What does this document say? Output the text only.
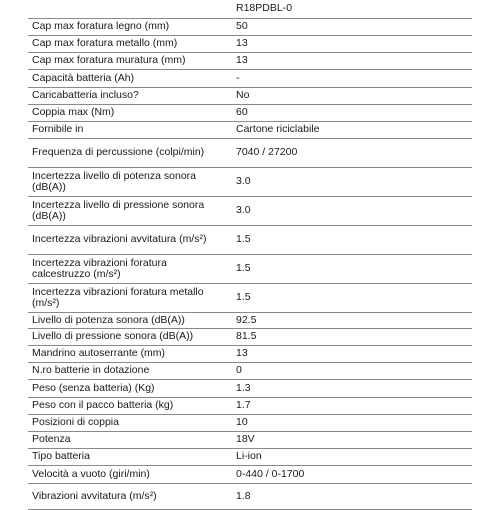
	R18PDBL-0
Cap max foratura legno (mm)	50
Cap max foratura metallo (mm)	13
Cap max foratura muratura (mm)	13
Capacità batteria (Ah)	-
Caricabatteria incluso?	No
Coppia max (Nm)	60
Fornibile in	Cartone riciclabile
Frequenza di percussione (colpi/min)	7040 / 27200
Incertezza livello di potenza sonora (dB(A))	3.0
Incertezza livello di pressione sonora (dB(A))	3.0
Incertezza vibrazioni avvitatura (m/s²)	1.5
Incertezza vibrazioni foratura calcestruzzo (m/s²)	1.5
Incertezza vibrazioni foratura metallo (m/s²)	1.5
Livello di potenza sonora (dB(A))	92.5
Livello di pressione sonora (dB(A))	81.5
Mandrino autoserrante (mm)	13
N.ro batterie in dotazione	0
Peso (senza batteria) (Kg)	1.3
Peso con il pacco batteria (kg)	1.7
Posizioni di coppia	10
Potenza	18V
Tipo batteria	Li-ion
Velocità a vuoto (giri/min)	0-440 / 0-1700
Vibrazioni avvitatura (m/s²)	1.8
